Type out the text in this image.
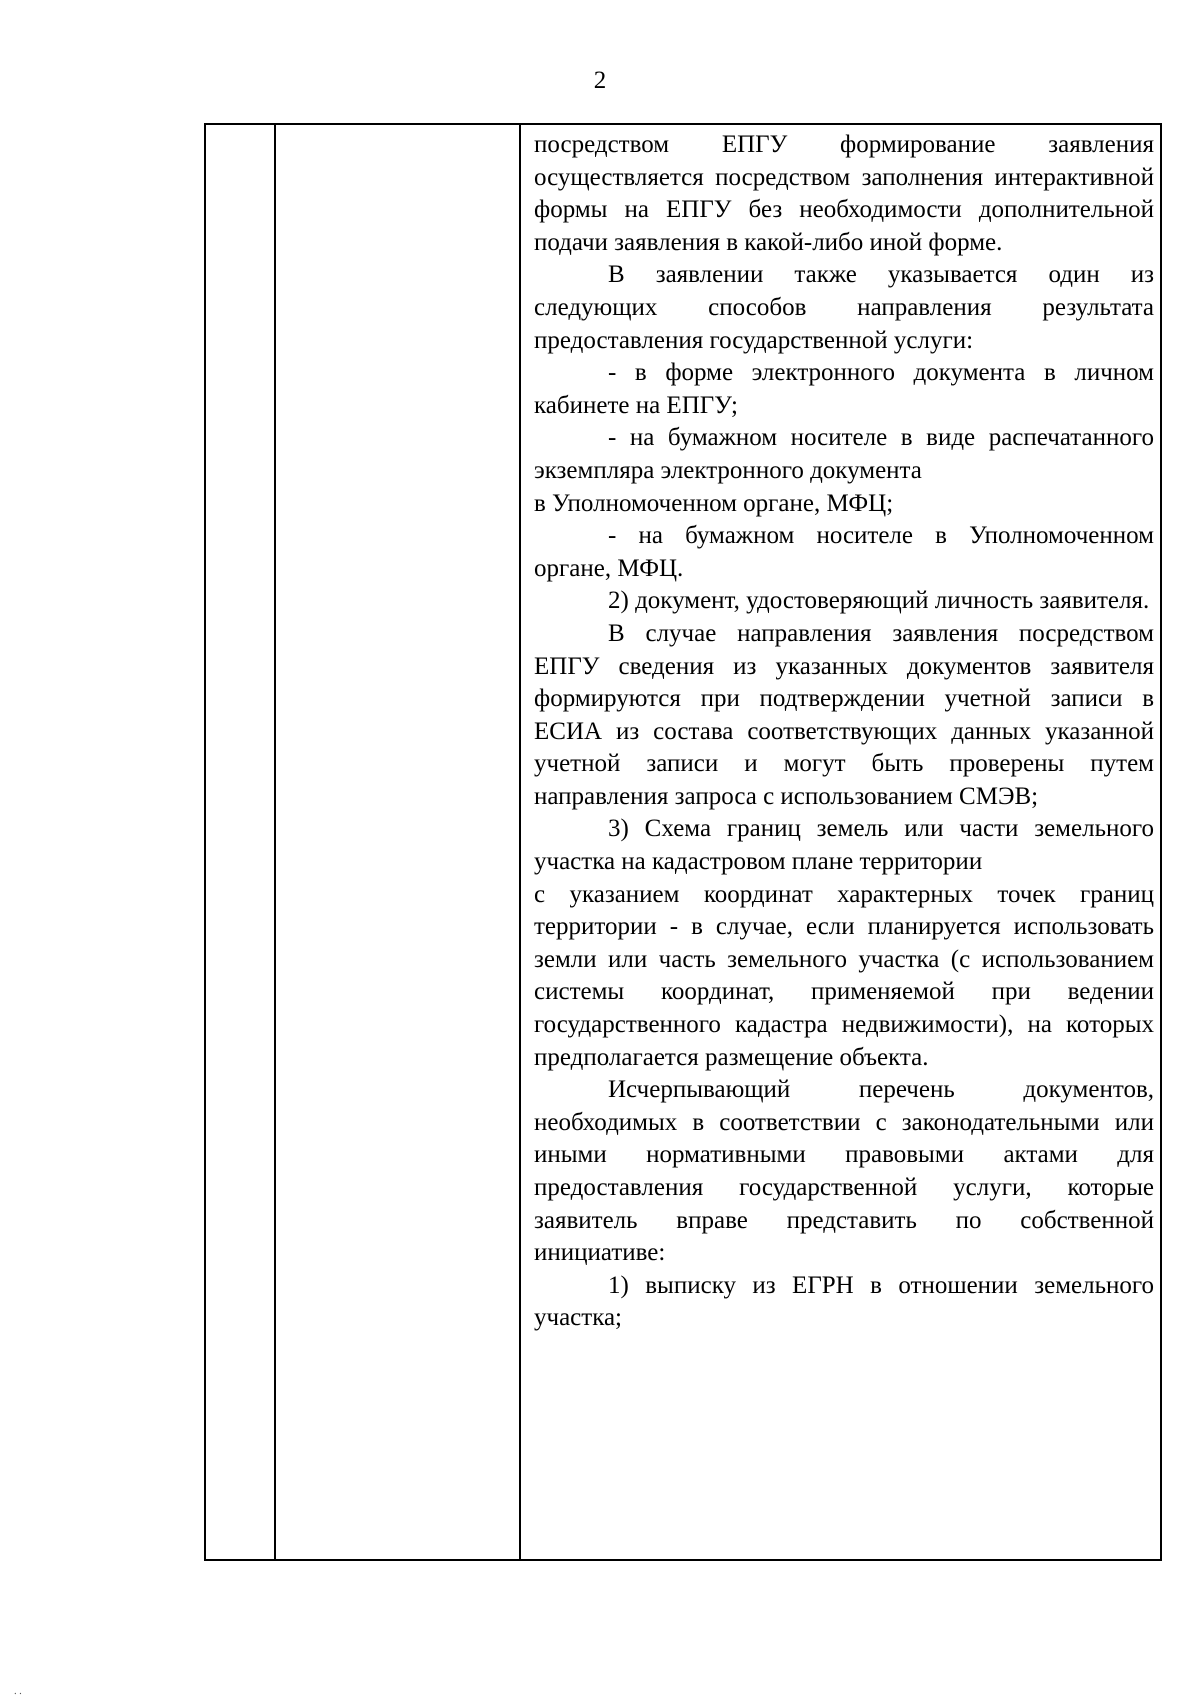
2

посредством ЕПГУ формирование заявления осуществляется посредством заполнения интерактивной формы на ЕПГУ без необходимости дополнительной подачи заявления в какой-либо иной форме.

В заявлении также указывается один из следующих способов направления результата предоставления государственной услуги:

- в форме электронного документа в личном кабинете на ЕПГУ;

- на бумажном носителе в виде распечатанного экземпляра электронного документа

в Уполномоченном органе, МФЦ;

- на бумажном носителе в Уполномоченном органе, МФЦ.

2) документ, удостоверяющий личность заявителя.

В случае направления заявления посредством ЕПГУ сведения из указанных документов заявителя формируются при подтверждении учетной записи в ЕСИА из состава соответствующих данных указанной учетной записи и могут быть проверены путем направления запроса с использованием СМЭВ;

3) Схема границ земель или части земельного участка на кадастровом плане территории

с указанием координат характерных точек границ территории - в случае, если планируется использовать земли или часть земельного участка (с использованием системы координат, применяемой при ведении государственного кадастра недвижимости), на которых предполагается размещение объекта.

Исчерпывающий перечень документов, необходимых в соответствии с законодательными или иными нормативными правовыми актами для предоставления государственной услуги, которые заявитель вправе представить по собственной инициативе:

1) выписку из ЕГРН в отношении земельного участка;

⸱ ⸱
